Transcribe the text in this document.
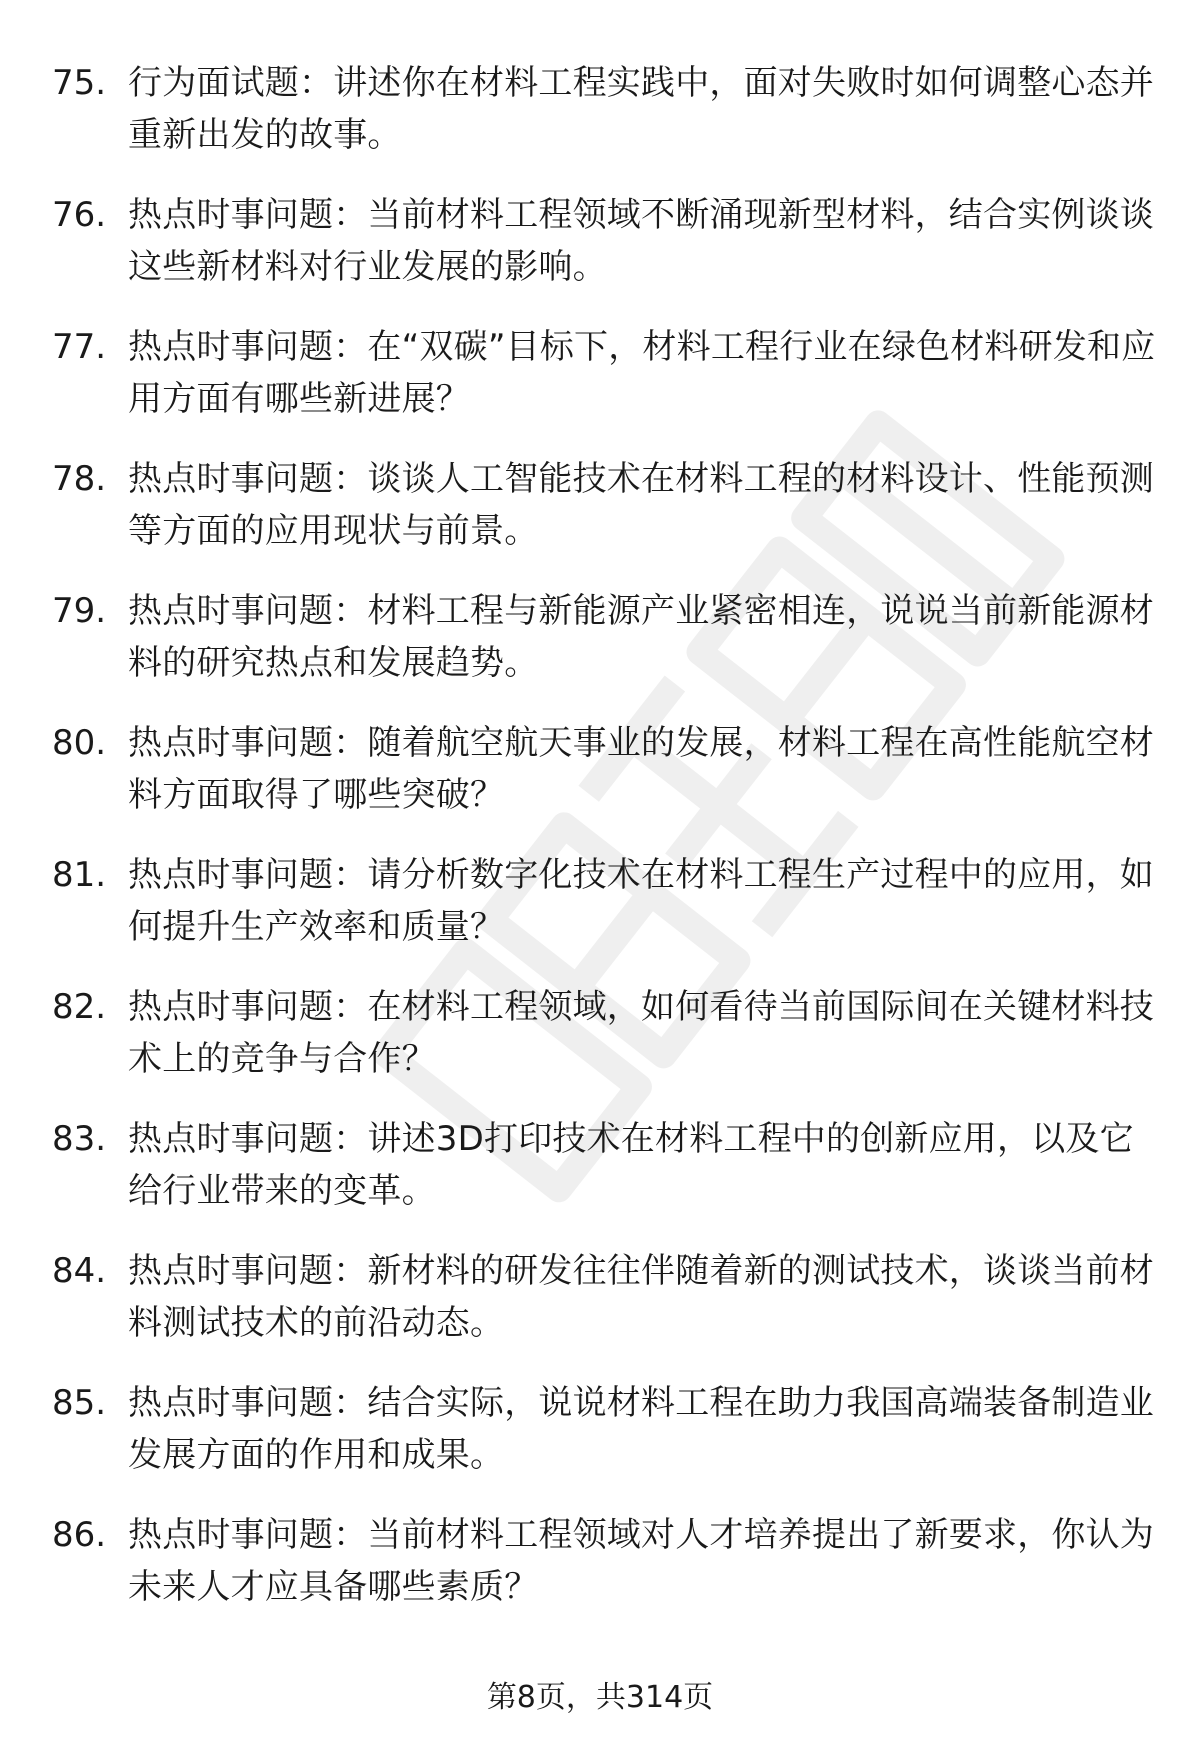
75. 行为面试题：讲述你在材料工程实践中，面对失败时如何调整心态并重新出发的故事。
76. 热点时事问题：当前材料工程领域不断涌现新型材料，结合实例谈谈这些新材料对行业发展的影响。
77. 热点时事问题：在“双碳”目标下，材料工程行业在绿色材料研发和应用方面有哪些新进展？
78. 热点时事问题：谈谈人工智能技术在材料工程的材料设计、性能预测等方面的应用现状与前景。
79. 热点时事问题：材料工程与新能源产业紧密相连，说说当前新能源材料的研究热点和发展趋势。
80. 热点时事问题：随着航空航天事业的发展，材料工程在高性能航空材料方面取得了哪些突破？
81. 热点时事问题：请分析数字化技术在材料工程生产过程中的应用，如何提升生产效率和质量？
82. 热点时事问题：在材料工程领域，如何看待当前国际间在关键材料技术上的竞争与合作？
83. 热点时事问题：讲述3D打印技术在材料工程中的创新应用，以及它给行业带来的变革。
84. 热点时事问题：新材料的研发往往伴随着新的测试技术，谈谈当前材料测试技术的前沿动态。
85. 热点时事问题：结合实际，说说材料工程在助力我国高端装备制造业发展方面的作用和成果。
86. 热点时事问题：当前材料工程领域对人才培养提出了新要求，你认为未来人才应具备哪些素质？
第8页，共314页
